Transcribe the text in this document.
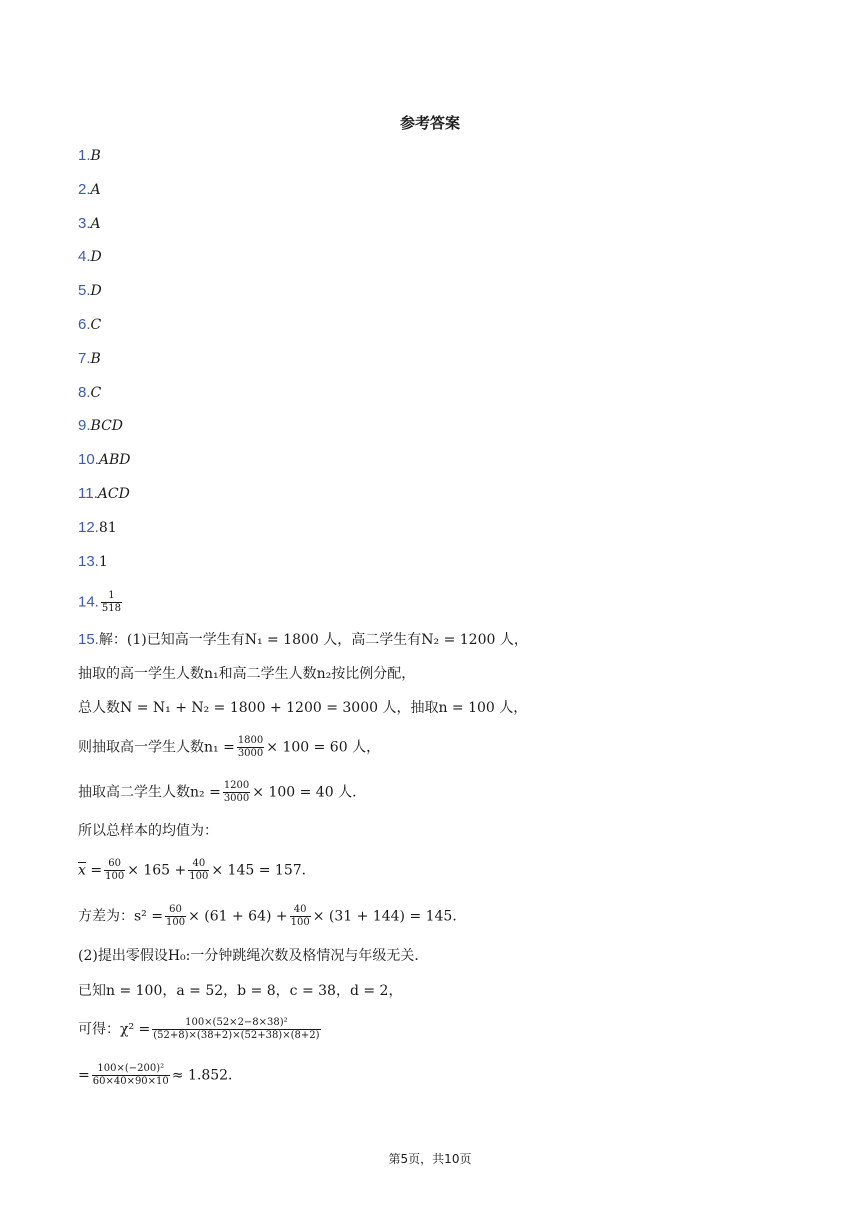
参考答案
1.B
2.A
3.A
4.D
5.D
6.C
7.B
8.C
9.BCD
10.ABD
11.ACD
12.81
13.1
14. $\frac{1}{518}$
15.解：(1)已知高一学生有N₁ = 1800 人，高二学生有N₂ = 1200 人，
抽取的高一学生人数n₁和高二学生人数n₂按比例分配，
总人数N = N₁ + N₂ = 1800 + 1200 = 3000 人，抽取n = 100 人，
则抽取高一学生人数$n_1 = \frac{1800}{3000} \times 100 = 60$ 人，
抽取高二学生人数$n_2 = \frac{1200}{3000} \times 100 = 40$ 人．
所以总样本的均值为：
$\overline{x} = \frac{60}{100} \times 165 + \frac{40}{100} \times 145 = 157$．
方差为：$s^2 = \frac{60}{100} \times (61 + 64) + \frac{40}{100} \times (31 + 144) = 145$．
(2)提出零假设H₀:一分钟跳绳次数及格情况与年级无关．
已知n = 100，a = 52，b = 8，c = 38，d = 2，
可得：$\chi^2 = \frac{\text{100×(52×2−8×38)²}}{(52+8)\times(38+2)\times(52+38)\times(8+2)}$
= $\frac{\text{100×(−200)²}}{60\times 40\times 90\times 10} \approx 1.852$．
第5页，共10页
